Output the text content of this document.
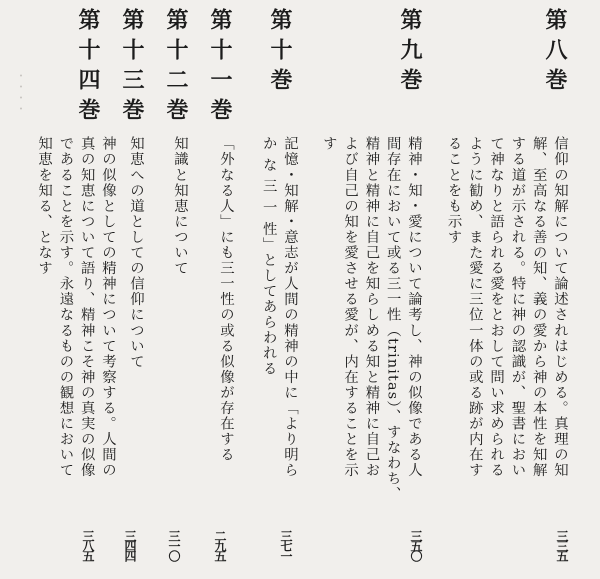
・・・・	第八巻
信仰の知解について論述されはじめる。真理の知
解、至高なる善の知、義の愛から神の本性を知解
する道が示される。特に神の認識が、聖書におい
て神なりと語られる愛をとおして問い求められる
ように勧め、また愛に三位一体の或る跡が内在す
ることをも示す
三三五
第九巻
精神・知・愛について論考し、神の似像である人
間存在において或る三一性（trinitas）、すなわち、
精神と精神に自己を知らしめる知と精神に自己お
よび自己の知を愛させる愛が、内在することを示
す
三五〇
第十巻
記憶・知解・意志が人間の精神の中に「より明ら
か な 三 一 性」としてあらわれる
三七一
第十一巻
「外なる人」にも三一性の或る似像が存在する
二九五
第十二巻
知識と知恵について
三一〇
第十三巻
知恵への道としての信仰について
三四四
第十四巻
神の似像としての精神について考察する。人間の
真の知恵について語り、精神こそ神の真実の似像
であることを示す。永遠なるものの観想において
知恵を知る、となす
三八五
